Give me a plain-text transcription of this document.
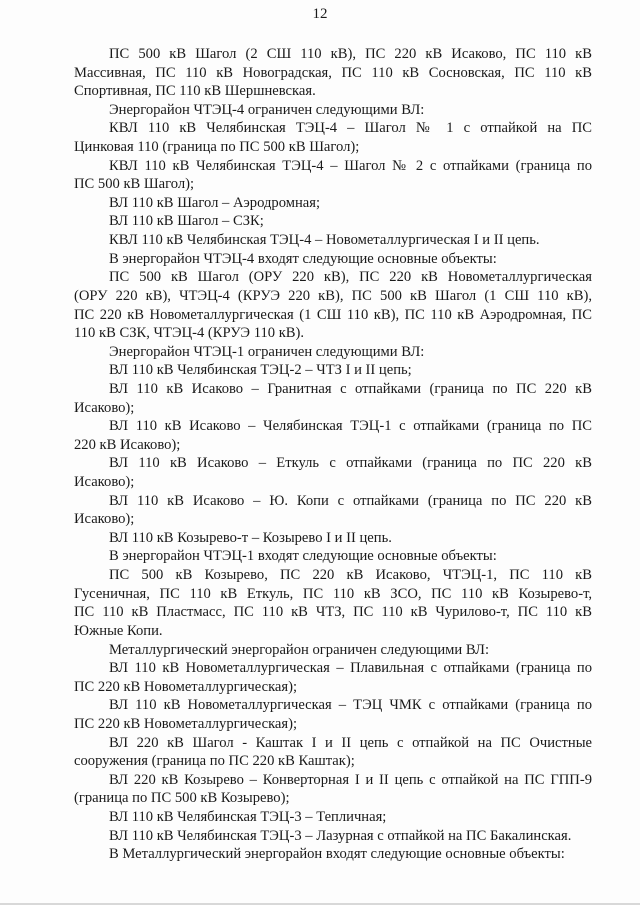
12
ПС 500 кВ Шагол (2 СШ 110 кВ), ПС 220 кВ Исаково, ПС 110 кВ
Массивная, ПС 110 кВ Новоградская, ПС 110 кВ Сосновская, ПС 110 кВ
Спортивная, ПС 110 кВ Шершневская.
Энергорайон ЧТЭЦ-4 ограничен следующими ВЛ:
КВЛ 110 кВ Челябинская ТЭЦ-4 – Шагол № 1 с отпайкой на ПС
Цинковая 110 (граница по ПС 500 кВ Шагол);
КВЛ 110 кВ Челябинская ТЭЦ-4 – Шагол № 2 с отпайками (граница по
ПС 500 кВ Шагол);
ВЛ 110 кВ Шагол – Аэродромная;
ВЛ 110 кВ Шагол – СЗК;
КВЛ 110 кВ Челябинская ТЭЦ-4 – Новометаллургическая I и II цепь.
В энергорайон ЧТЭЦ-4 входят следующие основные объекты:
ПС 500 кВ Шагол (ОРУ 220 кВ), ПС 220 кВ Новометаллургическая
(ОРУ 220 кВ), ЧТЭЦ-4 (КРУЭ 220 кВ), ПС 500 кВ Шагол (1 СШ 110 кВ),
ПС 220 кВ Новометаллургическая (1 СШ 110 кВ), ПС 110 кВ Аэродромная, ПС
110 кВ СЗК, ЧТЭЦ-4 (КРУЭ 110 кВ).
Энергорайон ЧТЭЦ-1 ограничен следующими ВЛ:
ВЛ 110 кВ Челябинская ТЭЦ-2 – ЧТЗ I и II цепь;
ВЛ 110 кВ Исаково – Гранитная с отпайками (граница по ПС 220 кВ
Исаково);
ВЛ 110 кВ Исаково – Челябинская ТЭЦ-1 с отпайками (граница по ПС
220 кВ Исаково);
ВЛ 110 кВ Исаково – Еткуль с отпайками (граница по ПС 220 кВ
Исаково);
ВЛ 110 кВ Исаково – Ю. Копи с отпайками (граница по ПС 220 кВ
Исаково);
ВЛ 110 кВ Козырево-т – Козырево I и II цепь.
В энергорайон ЧТЭЦ-1 входят следующие основные объекты:
ПС 500 кВ Козырево, ПС 220 кВ Исаково, ЧТЭЦ-1, ПС 110 кВ
Гусеничная, ПС 110 кВ Еткуль, ПС 110 кВ ЗСО, ПС 110 кВ Козырево-т,
ПС 110 кВ Пластмасс, ПС 110 кВ ЧТЗ, ПС 110 кВ Чурилово-т, ПС 110 кВ
Южные Копи.
Металлургический энергорайон ограничен следующими ВЛ:
ВЛ 110 кВ Новометаллургическая – Плавильная с отпайками (граница по
ПС 220 кВ Новометаллургическая);
ВЛ 110 кВ Новометаллургическая – ТЭЦ ЧМК с отпайками (граница по
ПС 220 кВ Новометаллургическая);
ВЛ 220 кВ Шагол - Каштак I и II цепь с отпайкой на ПС Очистные
сооружения (граница по ПС 220 кВ Каштак);
ВЛ 220 кВ Козырево – Конверторная I и II цепь с отпайкой на ПС ГПП-9
(граница по ПС 500 кВ Козырево);
ВЛ 110 кВ Челябинская ТЭЦ-3 – Тепличная;
ВЛ 110 кВ Челябинская ТЭЦ-3 – Лазурная с отпайкой на ПС Бакалинская.
В Металлургический энергорайон входят следующие основные объекты:
